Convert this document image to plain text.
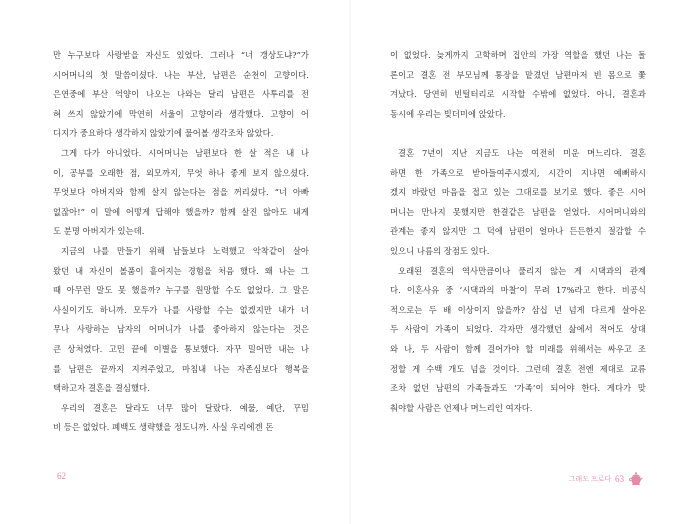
만 누구보다 사랑받을 자신도 있었다. 그러나 “너 갱상도냐?”가
시어머니의 첫 말씀이셨다. 나는 부산, 남편은 순천이 고향이다.
은연중에 부산 억양이 나오는 나와는 달리 남편은 사투리를 전
혀 쓰지 않았기에 막연히 서울이 고향이라 생각했다. 고향이 어
디지가 중요하다 생각하지 않았기에 물어볼 생각조차 않았다.
그게 다가 아니었다. 시어머니는 남편보다 한 살 적은 내 나
이, 공부를 오래한 점, 외모까지, 무엇 하나 좋게 보지 않으셨다.
무엇보다 아버지와 함께 살지 않는다는 점을 꺼리셨다. “너 아빠
없잖아!” 이 말에 어떻게 답해야 했을까? 함께 살진 않아도 내게
도 분명 아버지가 있는데.
지금의 나를 만들기 위해 남들보다 노력했고 악착같이 살아
왔던 내 자신이 볼품이 흩어지는 경험을 처음 했다. 왜 나는 그
때 아무런 말도 못 했을까? 누구를 원망할 수도 없었다. 그 말은
사실이기도 하니까. 모두가 나를 사랑할 수는 없겠지만 내가 너
무나 사랑하는 남자의 어머니가 나를 좋아하지 않는다는 것은
큰 상처였다. 고민 끝에 이별을 통보했다. 자꾸 밀어만 내는 나
를 남편은 끝까지 지켜주었고, 마침내 나는 자존심보다 행복을
택하고자 결혼을 결심했다.
우리의 결혼은 달라도 너무 많이 달랐다. 예물, 예단, 꾸밈
비 등은 없었다. 폐백도 생략했을 정도니까. 사실 우리에겐 돈
62
이 없었다. 늦게까지 고학하며 집안의 가장 역할을 했던 나는 돌
론이고 결혼 전 부모님께 통장을 맡겼던 남편마저 빈 몸으로 쫓
겨났다. 당연히 빈털터리로 시작할 수밖에 없었다. 아니, 결혼과
동시에 우리는 빚더미에 앉았다.
결혼 7년이 지난 지금도 나는 여전히 미운 며느리다. 결혼
하면 한 가족으로 받아들여주시겠지, 시간이 지나면 예뻐하시
겠지 바랐던 마음을 접고 있는 그대로를 보기로 했다. 좋은 시어
머니는 만나지 못했지만 한결같은 남편을 얻었다. 시어머니와의
관계는 좋지 않지만 그 덕에 남편이 얼마나 든든한지 절감할 수
있으니 나름의 장점도 있다.
오래된 결혼의 역사만큼이나 풀리지 않는 게 시댁과의 관계
다. 이혼사유 중 ‘시댁과의 마찰’이 무려 17%라고 한다. 비공식
적으로는 두 배 이상이지 않을까? 삼십 년 넘게 다르게 살아온
두 사람이 가족이 되었다. 각자만 생각했던 삶에서 적어도 상대
와 나, 두 사람이 함께 걸어가야 할 미래를 위해서는 싸우고 조
정할 게 수백 개도 넘을 것이다. 그런데 결혼 전엔 제대로 교류
조차 없던 남편의 가족들과도 ‘가족’이 되어야 한다. 게다가 맞
춰야할 사람은 언제나 며느리인 여자다.
그래도 프로다 63
